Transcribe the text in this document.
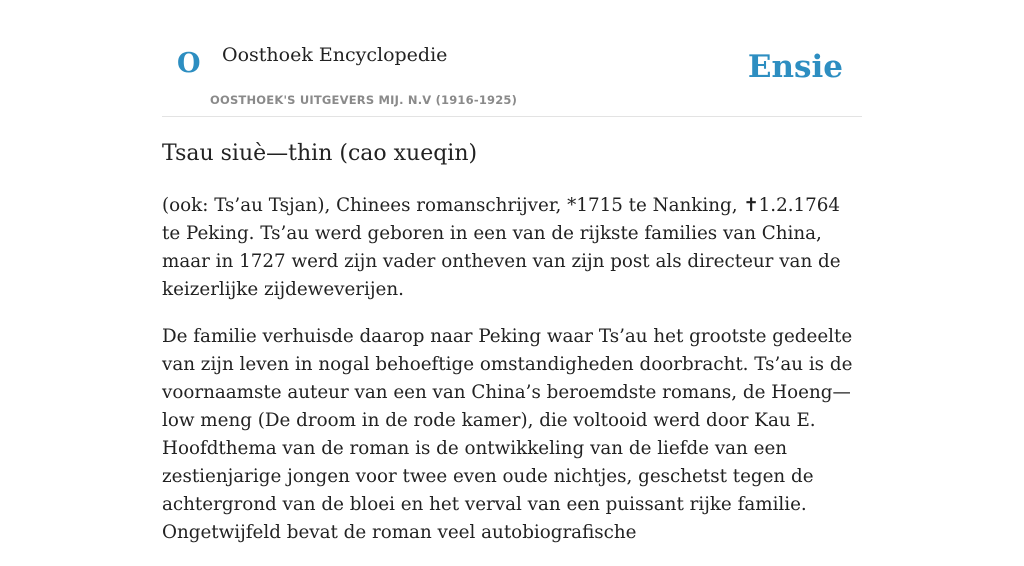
O Oosthoek Encyclopedie
OOSTHOEK'S UITGEVERS MIJ. N.V (1916-1925)
Ensie
Tsau siuè—thin (cao xueqin)

(ook: Ts’au Tsjan), Chinees romanschrijver, *1715 te Nanking, ✝1.2.1764 te Peking. Ts’au werd geboren in een van de rijkste families van China, maar in 1727 werd zijn vader ontheven van zijn post als directeur van de keizerlijke zijdeweverijen.

De familie verhuisde daarop naar Peking waar Ts’au het grootste gedeelte van zijn leven in nogal behoeftige omstandigheden doorbracht. Ts’au is de voornaamste auteur van een van China’s beroemdste romans, de Hoeng—low meng (De droom in de rode kamer), die voltooid werd door Kau E. Hoofdthema van de roman is de ontwikkeling van de liefde van een zestienjarige jongen voor twee even oude nichtjes, geschetst tegen de achtergrond van de bloei en het verval van een puissant rijke familie. Ongetwijfeld bevat de roman veel autobiografische
